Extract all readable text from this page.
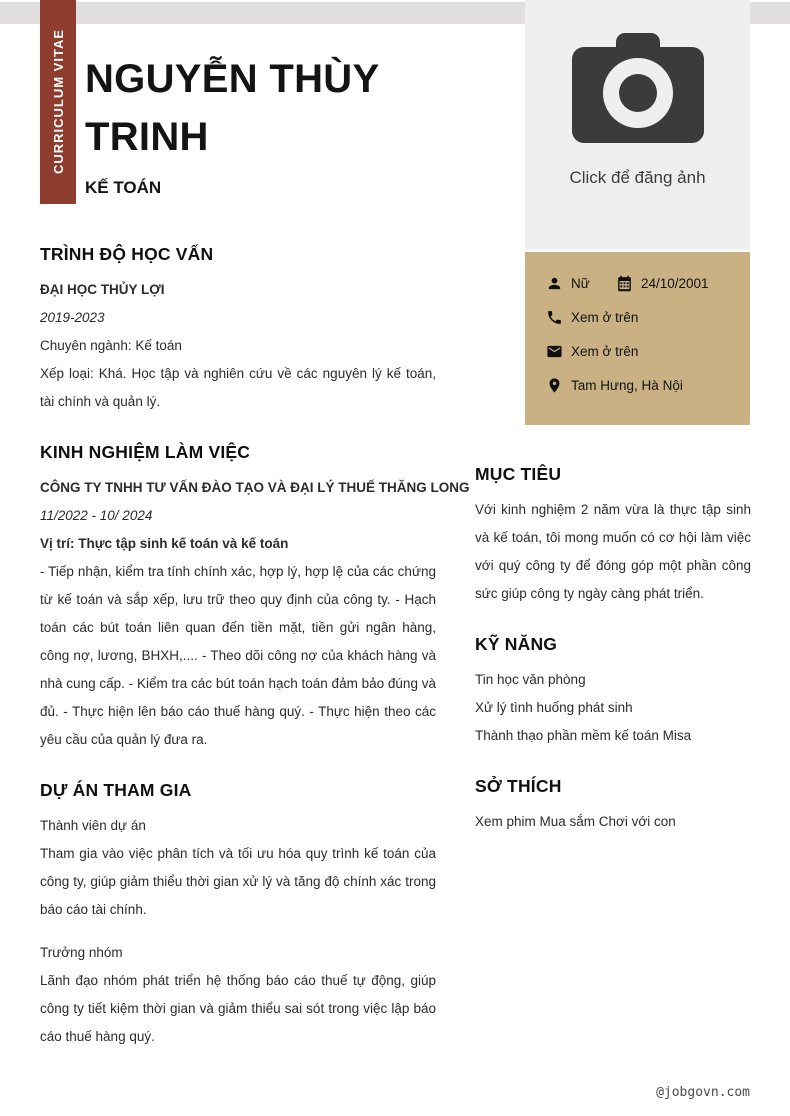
CURRICULUM VITAE NGUYỄN THÙY TRINH
KẾ TOÁN
Click để đăng ảnh
Nữ	24/10/2001
Xem ở trên
Xem ở trên
Tam Hưng, Hà Nội
TRÌNH ĐỘ HỌC VẤN

ĐẠI HỌC THỦY LỢI

2019-2023

Chuyên ngành: Kế toán

Xếp loại: Khá. Học tập và nghiên cứu về các nguyên lý kế toán, tài chính và quản lý.

KINH NGHIỆM LÀM VIỆC

CÔNG TY TNHH TƯ VẤN ĐÀO TẠO VÀ ĐẠI LÝ THUẾ THĂNG LONG

11/2022 - 10/ 2024

Vị trí: Thực tập sinh kế toán và kế toán

- Tiếp nhận, kiểm tra tính chính xác, hợp lý, hợp lệ của các chứng từ kế toán và sắp xếp, lưu trữ theo quy định của công ty. - Hạch toán các bút toán liên quan đến tiền mặt, tiền gửi ngân hàng, công nợ, lương, BHXH,.... - Theo dõi công nợ của khách hàng và nhà cung cấp. - Kiểm tra các bút toán hạch toán đảm bảo đúng và đủ. - Thực hiện lên báo cáo thuế hàng quý. - Thực hiện theo các yêu cầu của quản lý đưa ra.

DỰ ÁN THAM GIA

Thành viên dự án

Tham gia vào việc phân tích và tối ưu hóa quy trình kế toán của công ty, giúp giảm thiểu thời gian xử lý và tăng độ chính xác trong báo cáo tài chính.

Trưởng nhóm

Lãnh đạo nhóm phát triển hệ thống báo cáo thuế tự động, giúp công ty tiết kiệm thời gian và giảm thiểu sai sót trong việc lập báo cáo thuế hàng quý.

MỤC TIÊU

Với kinh nghiệm 2 năm vừa là thực tập sinh và kế toán, tôi mong muốn có cơ hội làm việc với quý công ty để đóng góp một phần công sức giúp công ty ngày càng phát triển.

KỸ NĂNG

Tin học văn phòng

Xử lý tình huống phát sinh

Thành thạo phần mềm kế toán Misa

SỞ THÍCH

Xem phim Mua sắm Chơi với con

@jobgovn.com
